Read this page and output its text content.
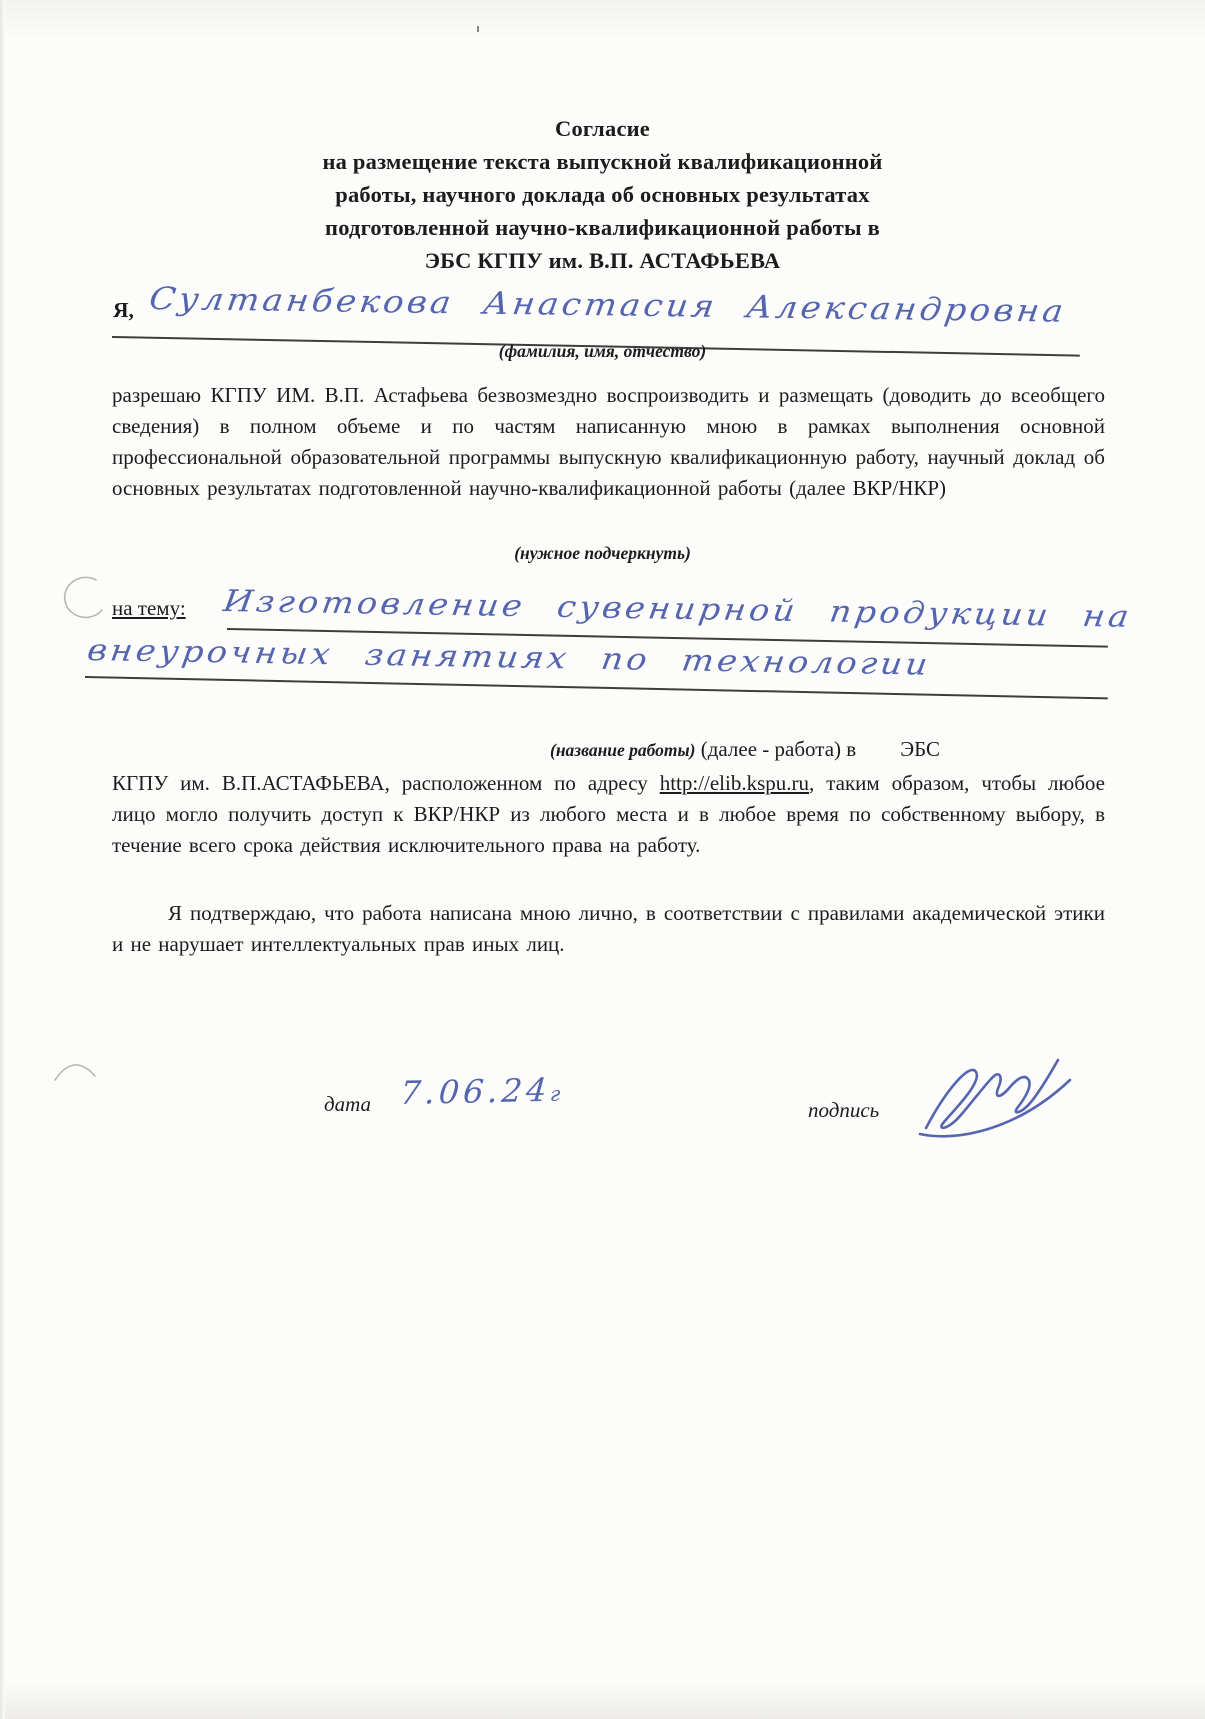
Согласие
на размещение текста выпускной квалификационной
работы, научного доклада об основных результатах
подготовленной научно-квалификационной работы в
ЭБС КГПУ им. В.П. АСТАФЬЕВА
Я, Султанбекова Анастасия Александровна
(фамилия, имя, отчество)
разрешаю КГПУ ИМ. В.П. Астафьева безвозмездно воспроизводить и размещать (доводить до всеобщего сведения) в полном объеме и по частям написанную мною в рамках выполнения основной профессиональной образовательной программы выпускную квалификационную работу, научный доклад об основных результатах подготовленной научно-квалификационной работы (далее ВКР/НКР)
(нужное подчеркнуть)
на тему: Изготовление сувенирной продукции на
внеурочных занятиях по технологии
(название работы) (далее - работа) в ЭБС
КГПУ им. В.П.АСТАФЬЕВА, расположенном по адресу http://elib.kspu.ru, таким образом, чтобы любое лицо могло получить доступ к ВКР/НКР из любого места и в любое время по собственному выбору, в течение всего срока действия исключительного права на работу.
Я подтверждаю, что работа написана мною лично, в соответствии с правилами академической этики и не нарушает интеллектуальных прав иных лиц.
дата 7.06.24г
подпись
